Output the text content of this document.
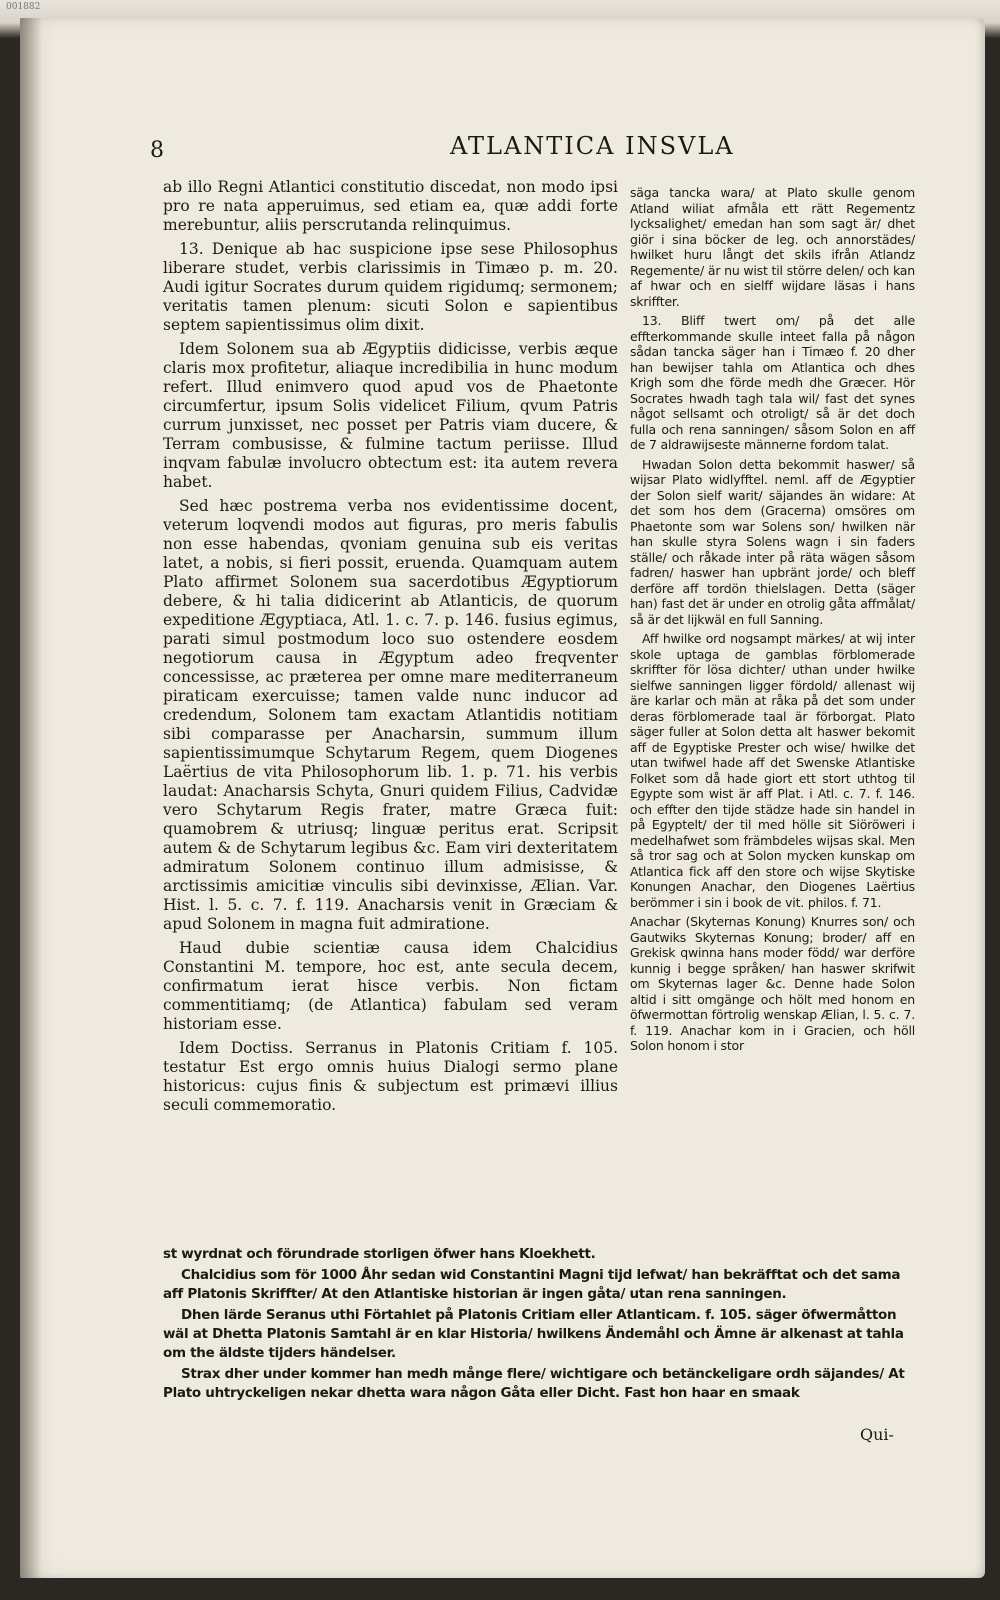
001882
8	ATLANTICA INSVLA

ab illo Regni Atlantici constitutio discedat, non modo ipsi pro re nata apperuimus, sed etiam ea, quæ addi forte merebuntur, aliis perscrutanda relinquimus.

13. Denique ab hac suspicione ipse sese Philosophus liberare studet, verbis clarissimis in Timæo p. m. 20. Audi igitur Socrates durum quidem rigidumq; sermonem; veritatis tamen plenum: sicuti Solon e sapientibus septem sapientissimus olim dixit.

Idem Solonem sua ab Ægyptiis didicisse, verbis æque claris mox profitetur, aliaque incredibilia in hunc modum refert. Illud enimvero quod apud vos de Phaetonte circumfertur, ipsum Solis videlicet Filium, qvum Patris currum junxisset, nec posset per Patris viam ducere, & Terram combusisse, & fulmine tactum periisse. Illud inqvam fabulæ involucro obtectum est: ita autem revera habet.

Sed hæc postrema verba nos evidentissime docent, veterum loqvendi modos aut figuras, pro meris fabulis non esse habendas, qvoniam genuina sub eis veritas latet, a nobis, si fieri possit, eruenda. Quamquam autem Plato affirmet Solonem sua sacerdotibus Ægyptiorum debere, & hi talia didicerint ab Atlanticis, de quorum expeditione Ægyptiaca, Atl. 1. c. 7. p. 146. fusius egimus, parati simul postmodum loco suo ostendere eosdem negotiorum causa in Ægyptum adeo freqventer concessisse, ac præterea per omne mare mediterraneum piraticam exercuisse; tamen valde nunc inducor ad credendum, Solonem tam exactam Atlantidis notitiam sibi comparasse per Anacharsin, summum illum sapientissimumque Schytarum Regem, quem Diogenes Laërtius de vita Philosophorum lib. 1. p. 71. his verbis laudat: Anacharsis Schyta, Gnuri quidem Filius, Cadvidæ vero Schytarum Regis frater, matre Græca fuit: quamobrem & utriusq; linguæ peritus erat. Scripsit autem & de Schytarum legibus &c. Eam viri dexteritatem admiratum Solonem continuo illum admisisse, & arctissimis amicitiæ vinculis sibi devinxisse, Ælian. Var. Hist. l. 5. c. 7. f. 119. Anacharsis venit in Græciam & apud Solonem in magna fuit admiratione.

Haud dubie scientiæ causa idem Chalcidius Constantini M. tempore, hoc est, ante secula decem, confirmatum ierat hisce verbis. Non fictam commentitiamq; (de Atlantica) fabulam sed veram historiam esse.

Idem Doctiss. Serranus in Platonis Critiam f. 105. testatur Est ergo omnis huius Dialogi sermo plane historicus: cujus finis & subjectum est primævi illius seculi commemoratio.

säga tancka wara/ at Plato skulle genom Atland wiliat afmåla ett rätt Regementz lycksalighet/ emedan han som sagt är/ dhet giör i sina böcker de leg. och annorstädes/ hwilket huru långt det skils ifrån Atlandz Regemente/ är nu wist til större delen/ och kan af hwar och en sielff wijdare läsas i hans skriffter.

13. Bliff twert om/ på det alle effterkommande skulle inteet falla på någon sådan tancka säger han i Timæo f. 20 dher han bewijser tahla om Atlantica och dhes Krigh som dhe förde medh dhe Græcer. Hör Socrates hwadh tagh tala wil/ fast det synes något sellsamt och otroligt/ så är det doch fulla och rena sanningen/ såsom Solon en aff de 7 aldrawijseste männerne fordom talat.

Hwadan Solon detta bekommit haswer/ så wijsar Plato widlyfftel. neml. aff de Ægyptier der Solon sielf warit/ säjandes än widare: At det som hos dem (Gracerna) omsöres om Phaetonte som war Solens son/ hwilken när han skulle styra Solens wagn i sin faders ställe/ och råkade inter på räta wägen såsom fadren/ haswer han upbränt jorde/ och bleff derföre aff tordön thielslagen. Detta (säger han) fast det är under en otrolig gåta affmålat/ så är det lijkwäl en full Sanning.

Aff hwilke ord nogsampt märkes/ at wij inter skole uptaga de gamblas förblomerade skriffter för lösa dichter/ uthan under hwilke sielfwe sanningen ligger fördold/ allenast wij äre karlar och män at råka på det som under deras förblomerade taal är förborgat. Plato säger fuller at Solon detta alt haswer bekomit aff de Egyptiske Prester och wise/ hwilke det utan twifwel hade aff det Swenske Atlantiske Folket som då hade giort ett stort uthtog til Egypte som wist är aff Plat. i Atl. c. 7. f. 146. och effter den tijde städze hade sin handel in på Egyptelt/ der til med hölle sit Siöröweri i medelhafwet som främbdeles wijsas skal. Men så tror sag och at Solon mycken kunskap om Atlantica fick aff den store och wijse Skytiske Konungen Anachar, den Diogenes Laërtius berömmer i sin i book de vit. philos. f. 71.

Anachar (Skyternas Konung) Knurres son/ och Gautwiks Skyternas Konung; broder/ aff en Grekisk qwinna hans moder född/ war derföre kunnig i begge språken/ han haswer skrifwit om Skyternas lager &c. Denne hade Solon altid i sitt omgänge och hölt med honom en öfwermottan förtrolig wenskap Ælian, l. 5. c. 7. f. 119. Anachar kom in i Gracien, och höll Solon honom i stor

st wyrdnat och förundrade storligen öfwer hans Kloekhett.

Chalcidius som för 1000 Åhr sedan wid Constantini Magni tijd lefwat/ han bekräfftat och det sama aff Platonis Skriffter/ At den Atlantiske historian är ingen gåta/ utan rena sanningen.

Dhen lärde Seranus uthi Förtahlet på Platonis Critiam eller Atlanticam. f. 105. säger öfwermåtton wäl at Dhetta Platonis Samtahl är en klar Historia/ hwilkens Ändemåhl och Ämne är alkenast at tahla om the äldste tijders händelser.

Strax dher under kommer han medh månge flere/ wichtigare och betänckeligare ordh säjandes/ At Plato uhtryckeligen nekar dhetta wara någon Gåta eller Dicht. Fast hon haar en smaak

Qui-
